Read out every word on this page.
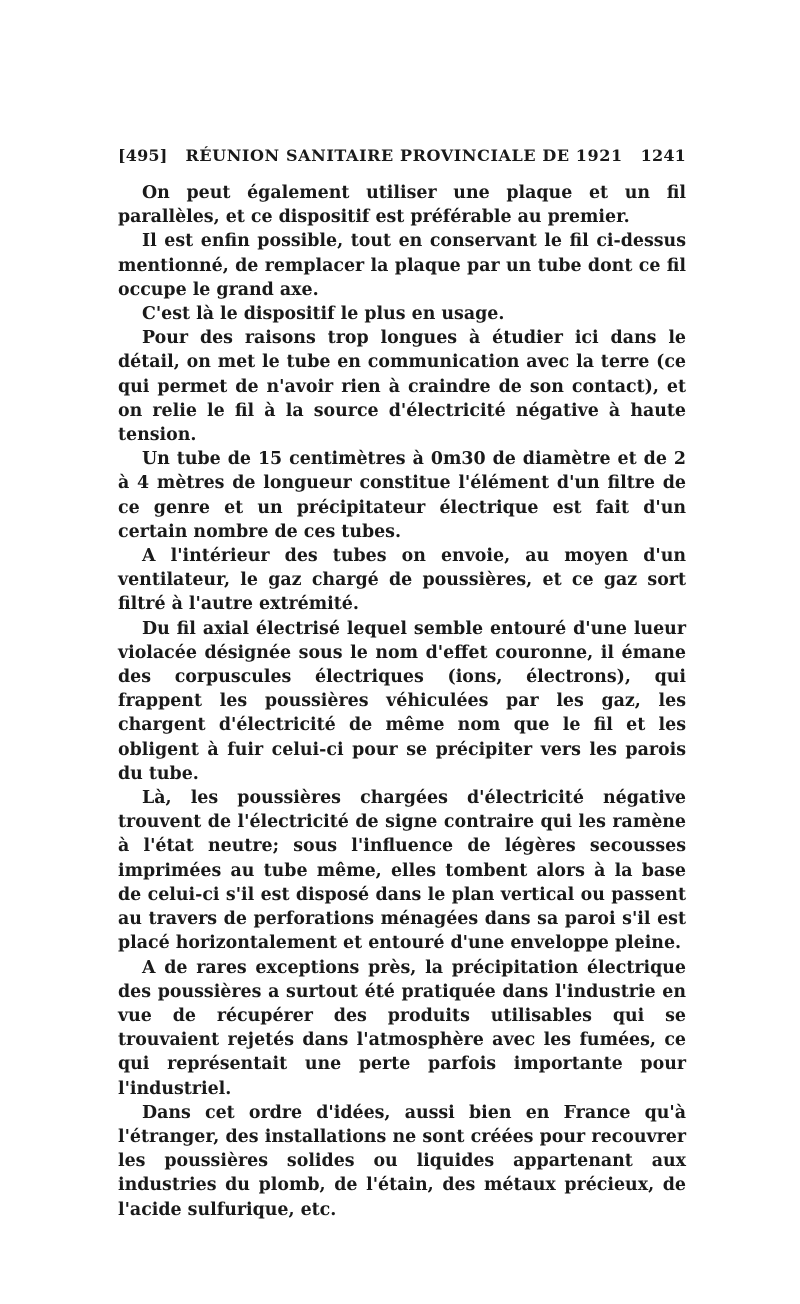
[495] RÉUNION SANITAIRE PROVINCIALE DE 1921 1241

On peut également utiliser une plaque et un fil parallèles, et ce dispositif est préférable au premier.

Il est enfin possible, tout en conservant le fil ci-dessus mentionné, de remplacer la plaque par un tube dont ce fil occupe le grand axe.

C'est là le dispositif le plus en usage.

Pour des raisons trop longues à étudier ici dans le détail, on met le tube en communication avec la terre (ce qui permet de n'avoir rien à craindre de son contact), et on relie le fil à la source d'électricité négative à haute tension.

Un tube de 15 centimètres à 0m30 de diamètre et de 2 à 4 mètres de longueur constitue l'élément d'un filtre de ce genre et un précipitateur électrique est fait d'un certain nombre de ces tubes.

A l'intérieur des tubes on envoie, au moyen d'un ventilateur, le gaz chargé de poussières, et ce gaz sort filtré à l'autre extrémité.

Du fil axial électrisé lequel semble entouré d'une lueur violacée désignée sous le nom d'effet couronne, il émane des corpuscules électriques (ions, électrons), qui frappent les poussières véhiculées par les gaz, les chargent d'électricité de même nom que le fil et les obligent à fuir celui-ci pour se précipiter vers les parois du tube.

Là, les poussières chargées d'électricité négative trouvent de l'électricité de signe contraire qui les ramène à l'état neutre; sous l'influence de légères secousses imprimées au tube même, elles tombent alors à la base de celui-ci s'il est disposé dans le plan vertical ou passent au travers de perforations ménagées dans sa paroi s'il est placé horizontalement et entouré d'une enveloppe pleine.

A de rares exceptions près, la précipitation électrique des poussières a surtout été pratiquée dans l'industrie en vue de récupérer des produits utilisables qui se trouvaient rejetés dans l'atmosphère avec les fumées, ce qui représentait une perte parfois importante pour l'industriel.

Dans cet ordre d'idées, aussi bien en France qu'à l'étranger, des installations ne sont créées pour recouvrer les poussières solides ou liquides appartenant aux industries du plomb, de l'étain, des métaux précieux, de l'acide sulfurique, etc.
